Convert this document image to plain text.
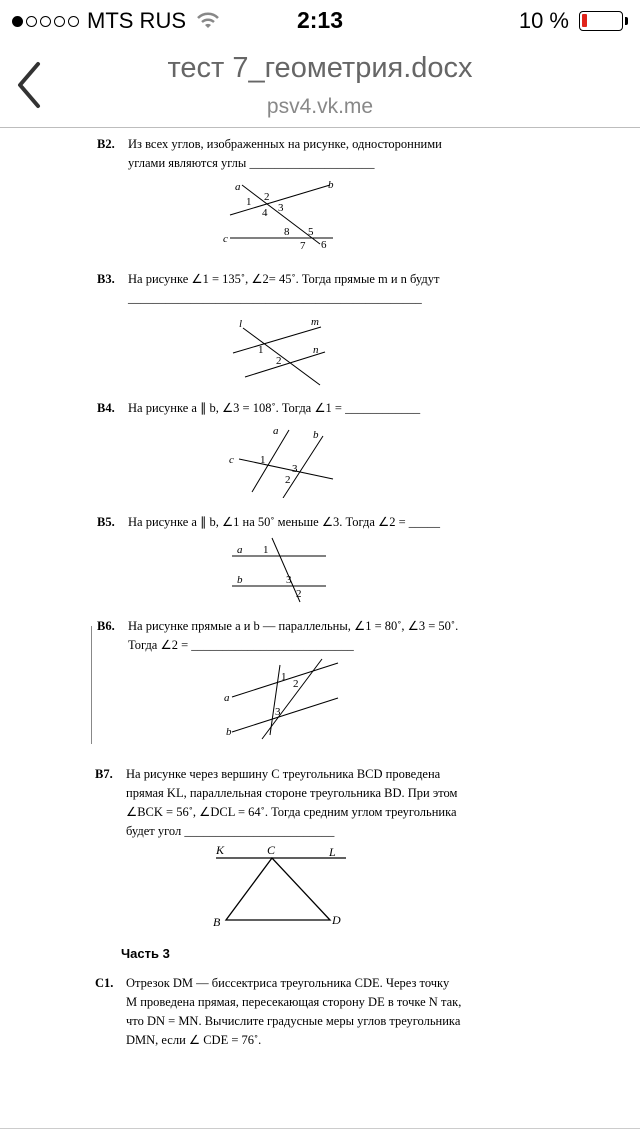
MTS RUS	2:13	10 %
тест 7_геометрия.docx
psv4.vk.me
В2. Из всех углов, изображенных на рисунке, односторонними углами являются углы ____________________
a	b
c
1 2
3
4
5
6
7
8
В3. На рисунке ∠1 = 135˚, ∠2= 45˚. Тогда прямые m и n будут _______________________________________________
l	m
n
1
2
В4. На рисунке a ∥ b, ∠3 = 108˚. Тогда ∠1 = ____________
a	b
c 1
2
3
В5. На рисунке a ∥ b, ∠1 на 50˚ меньше ∠3. Тогда ∠2 = _____
a
b
1
2
3
В6. На рисунке прямые a и b — параллельны, ∠1 = 80˚, ∠3 = 50˚. Тогда ∠2 = __________________________
a
b
1
2
3
В7. На рисунке через вершину C треугольника BCD проведена прямая KL, параллельная стороне треугольника BD. При этом ∠BCK = 56˚, ∠DCL = 64˚. Тогда средним углом треугольника будет угол ________________________
K	C	L
B	D
Часть 3
С1. Отрезок DM — биссектриса треугольника CDE. Через точку M проведена прямая, пересекающая сторону DE в точке N так, что DN = MN. Вычислите градусные меры углов треугольника DMN, если ∠ CDE = 76˚.
